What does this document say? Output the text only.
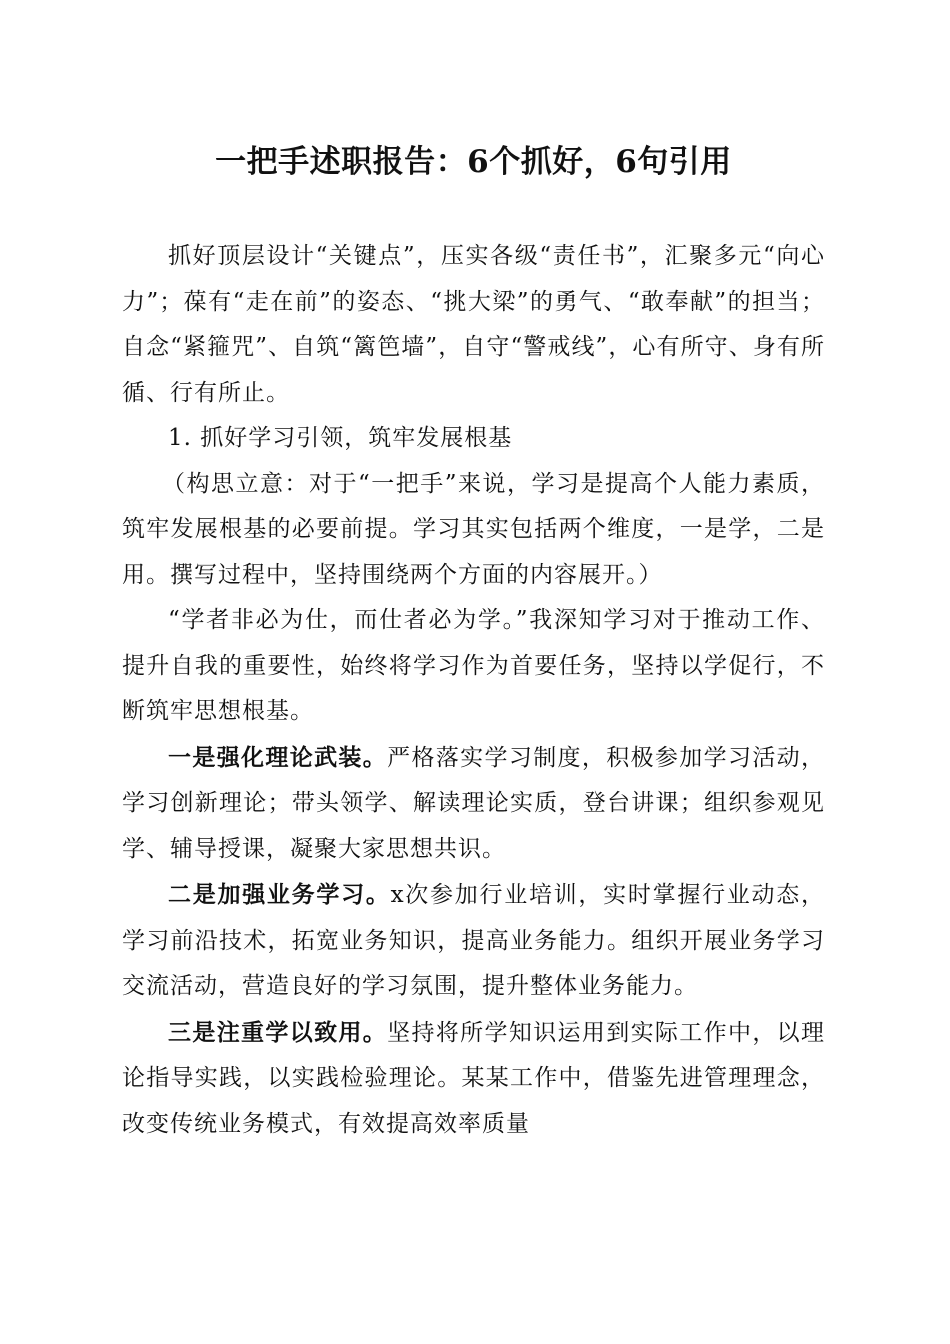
一把手述职报告：6个抓好，6句引用

抓好顶层设计“关键点”，压实各级“责任书”，汇聚多元“向心力”；葆有“走在前”的姿态、“挑大梁”的勇气、“敢奉献”的担当；自念“紧箍咒”、自筑“篱笆墙”，自守“警戒线”，心有所守、身有所循、行有所止。

1. 抓好学习引领，筑牢发展根基

（构思立意：对于“一把手”来说，学习是提高个人能力素质，筑牢发展根基的必要前提。学习其实包括两个维度，一是学，二是用。撰写过程中，坚持围绕两个方面的内容展开。）

“学者非必为仕，而仕者必为学。”我深知学习对于推动工作、提升自我的重要性，始终将学习作为首要任务，坚持以学促行，不断筑牢思想根基。

一是强化理论武装。严格落实学习制度，积极参加学习活动，学习创新理论；带头领学、解读理论实质，登台讲课；组织参观见学、辅导授课，凝聚大家思想共识。

二是加强业务学习。x次参加行业培训，实时掌握行业动态，学习前沿技术，拓宽业务知识，提高业务能力。组织开展业务学习交流活动，营造良好的学习氛围，提升整体业务能力。

三是注重学以致用。坚持将所学知识运用到实际工作中，以理论指导实践，以实践检验理论。某某工作中，借鉴先进管理理念，改变传统业务模式，有效提高效率质量
